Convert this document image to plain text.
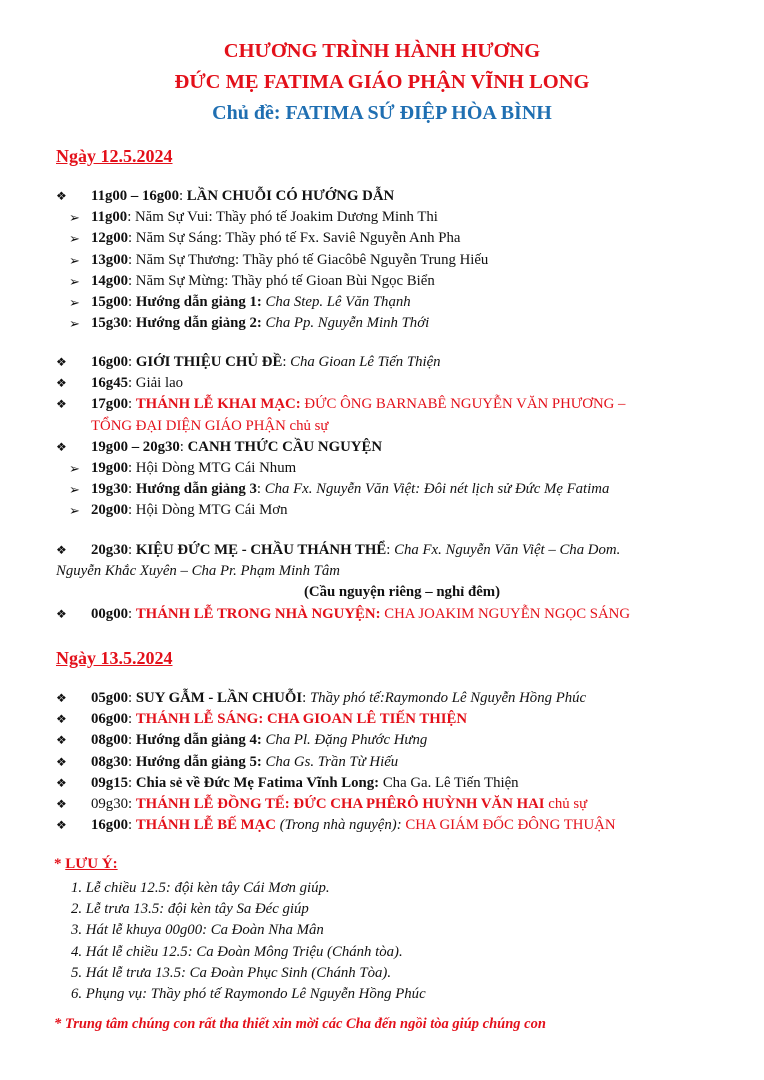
CHƯƠNG TRÌNH HÀNH HƯƠNG
ĐỨC MẸ FATIMA GIÁO PHẬN VĨNH LONG
Chủ đề: FATIMA SỨ ĐIỆP HÒA BÌNH
Ngày 12.5.2024
❖ 11g00 – 16g00: LẦN CHUỖI CÓ HƯỚNG DẪN
➢ 11g00: Năm Sự Vui: Thầy phó tế Joakim Dương Minh Thi
➢ 12g00: Năm Sự Sáng: Thầy phó tế Fx. Saviê Nguyễn Anh Pha
➢ 13g00: Năm Sự Thương: Thầy phó tế Giacôbê Nguyễn Trung Hiếu
➢ 14g00: Năm Sự Mừng: Thầy phó tế Gioan Bùi Ngọc Biển
➢ 15g00: Hướng dẫn giảng 1: Cha Step. Lê Văn Thạnh
➢ 15g30: Hướng dẫn giảng 2: Cha Pp. Nguyễn Minh Thới
❖ 16g00: GIỚI THIỆU CHỦ ĐỀ: Cha Gioan Lê Tiến Thiện
❖ 16g45: Giải lao
❖ 17g00: THÁNH LỄ KHAI MẠC: ĐỨC ÔNG BARNABÊ NGUYỄN VĂN PHƯƠNG –
TỔNG ĐẠI DIỆN GIÁO PHẬN chủ sự
❖ 19g00 – 20g30: CANH THỨC CẦU NGUYỆN
➢ 19g00: Hội Dòng MTG Cái Nhum
➢ 19g30: Hướng dẫn giảng 3: Cha Fx. Nguyễn Văn Việt: Đôi nét lịch sử Đức Mẹ Fatima
➢ 20g00: Hội Dòng MTG Cái Mơn
❖ 20g30: KIỆU ĐỨC MẸ - CHẦU THÁNH THỂ: Cha Fx. Nguyễn Văn Việt – Cha Dom.
Nguyễn Khắc Xuyên – Cha Pr. Phạm Minh Tâm
(Cầu nguyện riêng – nghỉ đêm)
❖ 00g00: THÁNH LỄ TRONG NHÀ NGUYỆN: CHA JOAKIM NGUYỄN NGỌC SÁNG
Ngày 13.5.2024
❖ 05g00: SUY GẪM - LẦN CHUỖI: Thầy phó tế:Raymondo Lê Nguyễn Hồng Phúc
❖ 06g00: THÁNH LỄ SÁNG: CHA GIOAN LÊ TIẾN THIỆN
❖ 08g00: Hướng dẫn giảng 4: Cha Pl. Đặng Phước Hưng
❖ 08g30: Hướng dẫn giảng 5: Cha Gs. Trần Từ Hiếu
❖ 09g15: Chia sẻ về Đức Mẹ Fatima Vĩnh Long: Cha Ga. Lê Tiến Thiện
❖ 09g30: THÁNH LỄ ĐỒNG TẾ: ĐỨC CHA PHÊRÔ HUỲNH VĂN HAI chủ sự
❖ 16g00: THÁNH LỄ BẾ MẠC (Trong nhà nguyện): CHA GIÁM ĐỐC ĐÔNG THUẬN
* LƯU Ý:
1. Lễ chiều 12.5: đội kèn tây Cái Mơn giúp.
2. Lễ trưa 13.5: đội kèn tây Sa Đéc giúp
3. Hát lễ khuya 00g00: Ca Đoàn Nha Mân
4. Hát lễ chiều 12.5: Ca Đoàn Mông Triệu (Chánh tòa).
5. Hát lễ trưa 13.5: Ca Đoàn Phục Sinh (Chánh Tòa).
6. Phụng vụ: Thầy phó tế Raymondo Lê Nguyễn Hồng Phúc
* Trung tâm chúng con rất tha thiết xin mời các Cha đến ngồi tòa giúp chúng con
